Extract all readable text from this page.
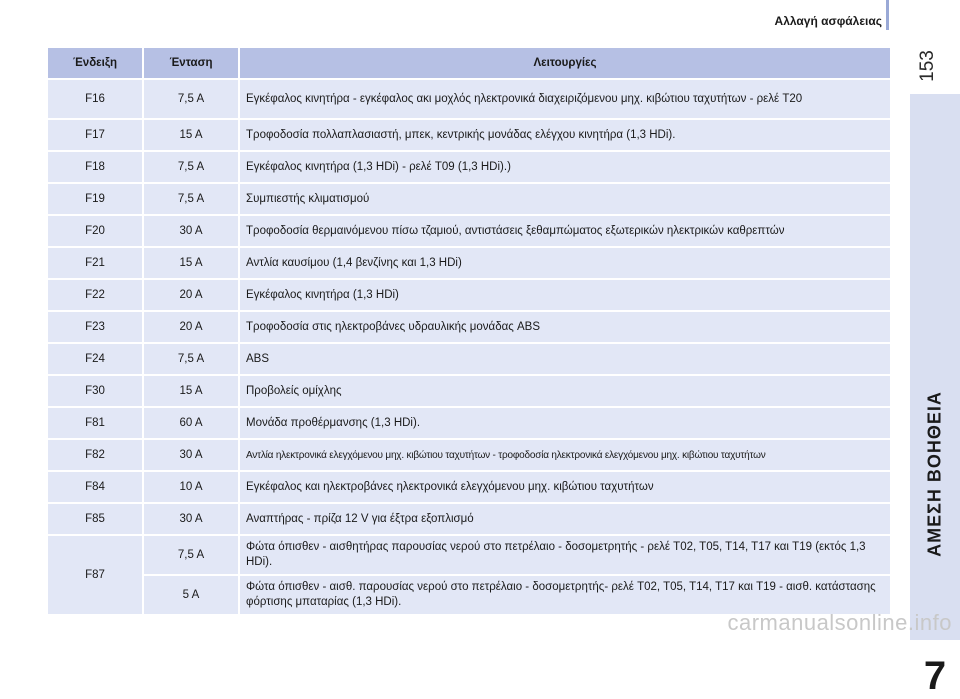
Αλλαγή ασφάλειας
153
ΑΜΕΣΗ ΒΟΗΘΕΙΑ
7
Ένδειξη	Ένταση	Λειτουργίες
F16	7,5 A	Εγκέφαλος κινητήρα - εγκέφαλος ακι μοχλός ηλεκτρονικά διαχειριζόμενου μηχ. κιβώτιου ταχυτήτων - ρελέ T20
F17	15 A	Τροφοδοσία πολλαπλασιαστή, μπεκ, κεντρικής μονάδας ελέγχου κινητήρα (1,3 HDi).
F18	7,5 A	Εγκέφαλος κινητήρα (1,3 HDi) - ρελέ T09 (1,3 HDi).)
F19	7,5 A	Συμπιεστής κλιματισμού
F20	30 A	Τροφοδοσία θερμαινόμενου πίσω τζαμιού, αντιστάσεις ξεθαμπώματος εξωτερικών ηλεκτρικών καθρεπτών
F21	15 A	Αντλία καυσίμου (1,4 βενζίνης και 1,3 HDi)
F22	20 A	Εγκέφαλος κινητήρα (1,3 HDi)
F23	20 A	Τροφοδοσία στις ηλεκτροβάνες υδραυλικής μονάδας ABS
F24	7,5 A	ABS
F30	15 A	Προβολείς ομίχλης
F81	60 A	Μονάδα προθέρμανσης (1,3 HDi).
F82	30 A	Αντλία ηλεκτρονικά ελεγχόμενου μηχ. κιβώτιου ταχυτήτων - τροφοδοσία ηλεκτρονικά ελεγχόμενου μηχ. κιβώτιου ταχυτήτων
F84	10 A	Εγκέφαλος και ηλεκτροβάνες ηλεκτρονικά ελεγχόμενου μηχ. κιβώτιου ταχυτήτων
F85	30 A	Αναπτήρας - πρίζα 12 V για έξτρα εξοπλισμό
F87	7,5 A	Φώτα όπισθεν - αισθητήρας παρουσίας νερού στο πετρέλαιο - δοσομετρητής - ρελέ T02, T05, T14, T17 και T19 (εκτός 1,3 HDi).
	5 A	Φώτα όπισθεν - αισθ. παρουσίας νερού στο πετρέλαιο - δοσομετρητής- ρελέ T02, T05, T14, T17 και T19 - αισθ. κατάστασης φόρτισης μπαταρίας (1,3 HDi).
carmanualsonline.info
